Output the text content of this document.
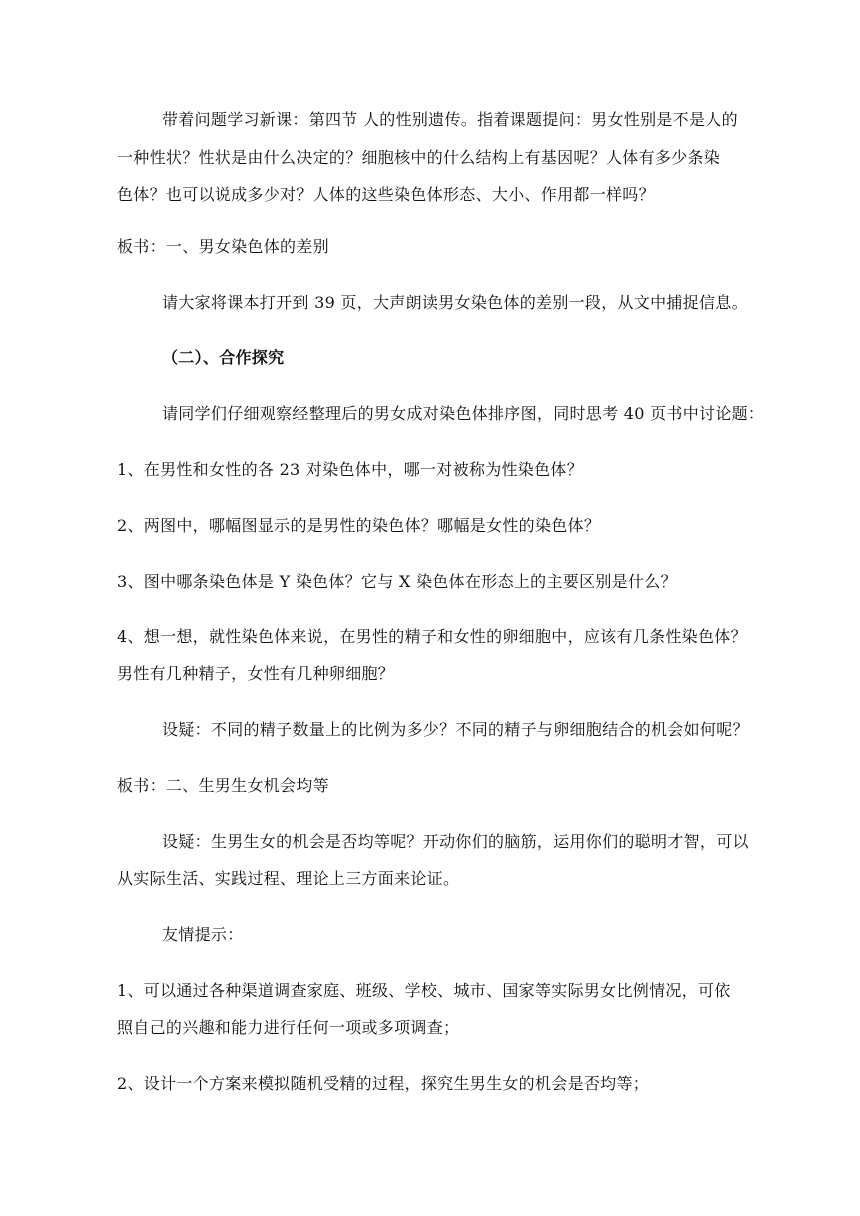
带着问题学习新课：第四节 人的性别遗传。指着课题提问：男女性别是不是人的
一种性状？性状是由什么决定的？细胞核中的什么结构上有基因呢？人体有多少条染
色体？也可以说成多少对？人体的这些染色体形态、大小、作用都一样吗？
板书：一、男女染色体的差别
请大家将课本打开到 39 页，大声朗读男女染色体的差别一段，从文中捕捉信息。
（二）、合作探究
请同学们仔细观察经整理后的男女成对染色体排序图，同时思考 40 页书中讨论题：
1、在男性和女性的各 23 对染色体中，哪一对被称为性染色体？
2、两图中，哪幅图显示的是男性的染色体？哪幅是女性的染色体？
3、图中哪条染色体是 Y 染色体？它与 X 染色体在形态上的主要区别是什么？
4、想一想，就性染色体来说，在男性的精子和女性的卵细胞中，应该有几条性染色体？
男性有几种精子，女性有几种卵细胞？
设疑：不同的精子数量上的比例为多少？不同的精子与卵细胞结合的机会如何呢？
板书：二、生男生女机会均等
设疑：生男生女的机会是否均等呢？开动你们的脑筋，运用你们的聪明才智，可以
从实际生活、实践过程、理论上三方面来论证。
友情提示：
1、可以通过各种渠道调查家庭、班级、学校、城市、国家等实际男女比例情况，可依
照自己的兴趣和能力进行任何一项或多项调查；
2、设计一个方案来模拟随机受精的过程，探究生男生女的机会是否均等；
